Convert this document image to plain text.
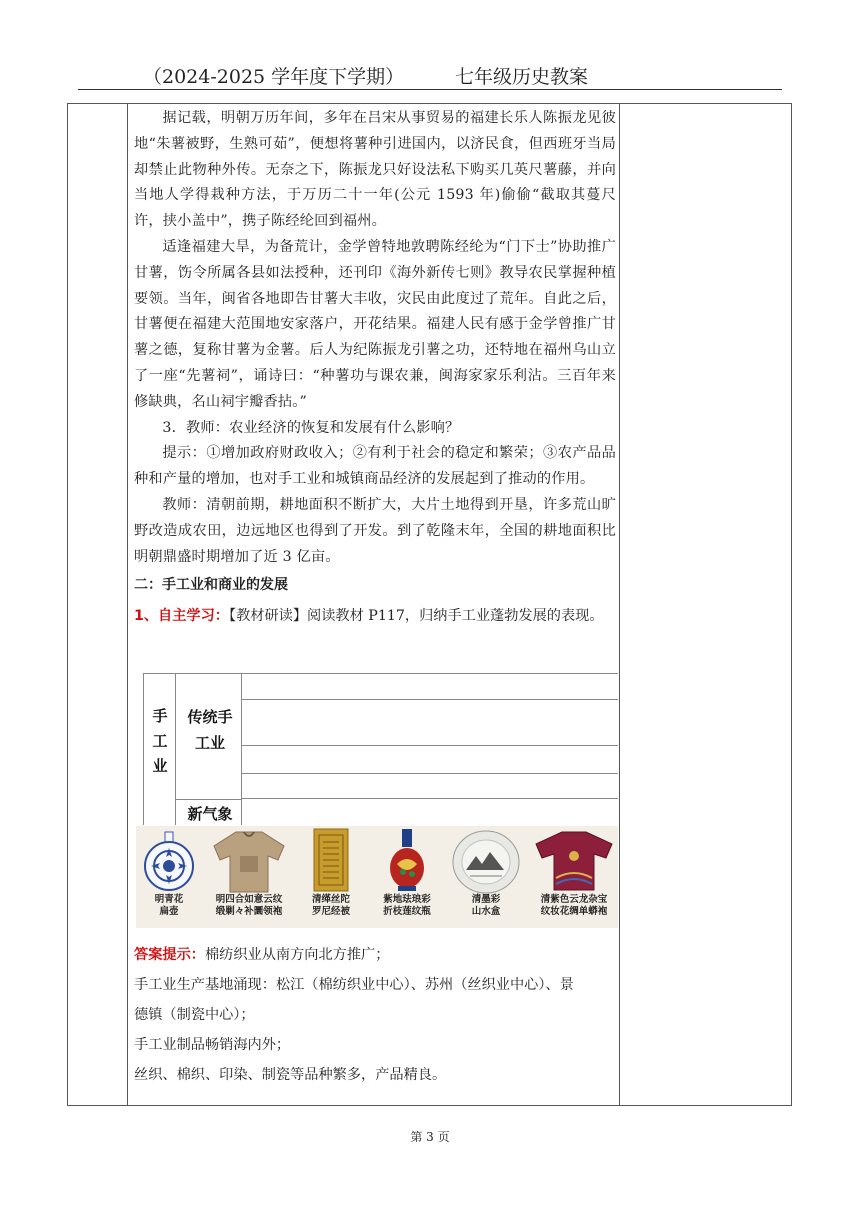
（2024-2025 学年度下学期）	七年级历史教案

据记载，明朝万历年间，多年在吕宋从事贸易的福建长乐人陈振龙见彼地“朱薯被野，生熟可茹”，便想将薯种引进国内，以济民食，但西班牙当局却禁止此物种外传。无奈之下，陈振龙只好设法私下购买几英尺薯藤，并向当地人学得栽种方法，于万历二十一年(公元 1593 年)偷偷“截取其蔓尺许，挟小盖中”，携子陈经纶回到福州。

适逢福建大旱，为备荒计，金学曾特地敦聘陈经纶为“门下士”协助推广甘薯，饬令所属各县如法授种，还刊印《海外新传七则》教导农民掌握种植要领。当年，闽省各地即告甘薯大丰收，灾民由此度过了荒年。自此之后，甘薯便在福建大范围地安家落户，开花结果。福建人民有感于金学曾推广甘薯之德，复称甘薯为金薯。后人为纪陈振龙引薯之功，还特地在福州乌山立了一座“先薯祠”，诵诗曰：“种薯功与课农兼，闽海家家乐利沾。三百年来修缺典，名山祠宇瓣香拈。”

3．教师：农业经济的恢复和发展有什么影响？

提示：①增加政府财政收入；②有利于社会的稳定和繁荣；③农产品品种和产量的增加，也对手工业和城镇商品经济的发展起到了推动的作用。

教师：清朝前期，耕地面积不断扩大，大片土地得到开垦，许多荒山旷野改造成农田，边远地区也得到了开发。到了乾隆末年，全国的耕地面积比明朝鼎盛时期增加了近 3 亿亩。

二：手工业和商业的发展
1、自主学习：【教材研读】阅读教材 P117，归纳手工业蓬勃发展的表现。
手工业
传统手工业
新气象
明青花
扁壶
明四合如意云纹
缎剿々补圜领袍
清缂丝陀
罗尼经被
紫地珐琅彩
折枝莲纹瓶
清墨彩
山水盒
清紫色云龙杂宝
纹妆花绸单蟒袍
答案提示：棉纺织业从南方向北方推广；
手工业生产基地涌现：松江（棉纺织业中心）、苏州（丝织业中心）、景
德镇（制瓷中心）；
手工业制品畅销海内外；
丝织、棉织、印染、制瓷等品种繁多，产品精良。
第 3 页
